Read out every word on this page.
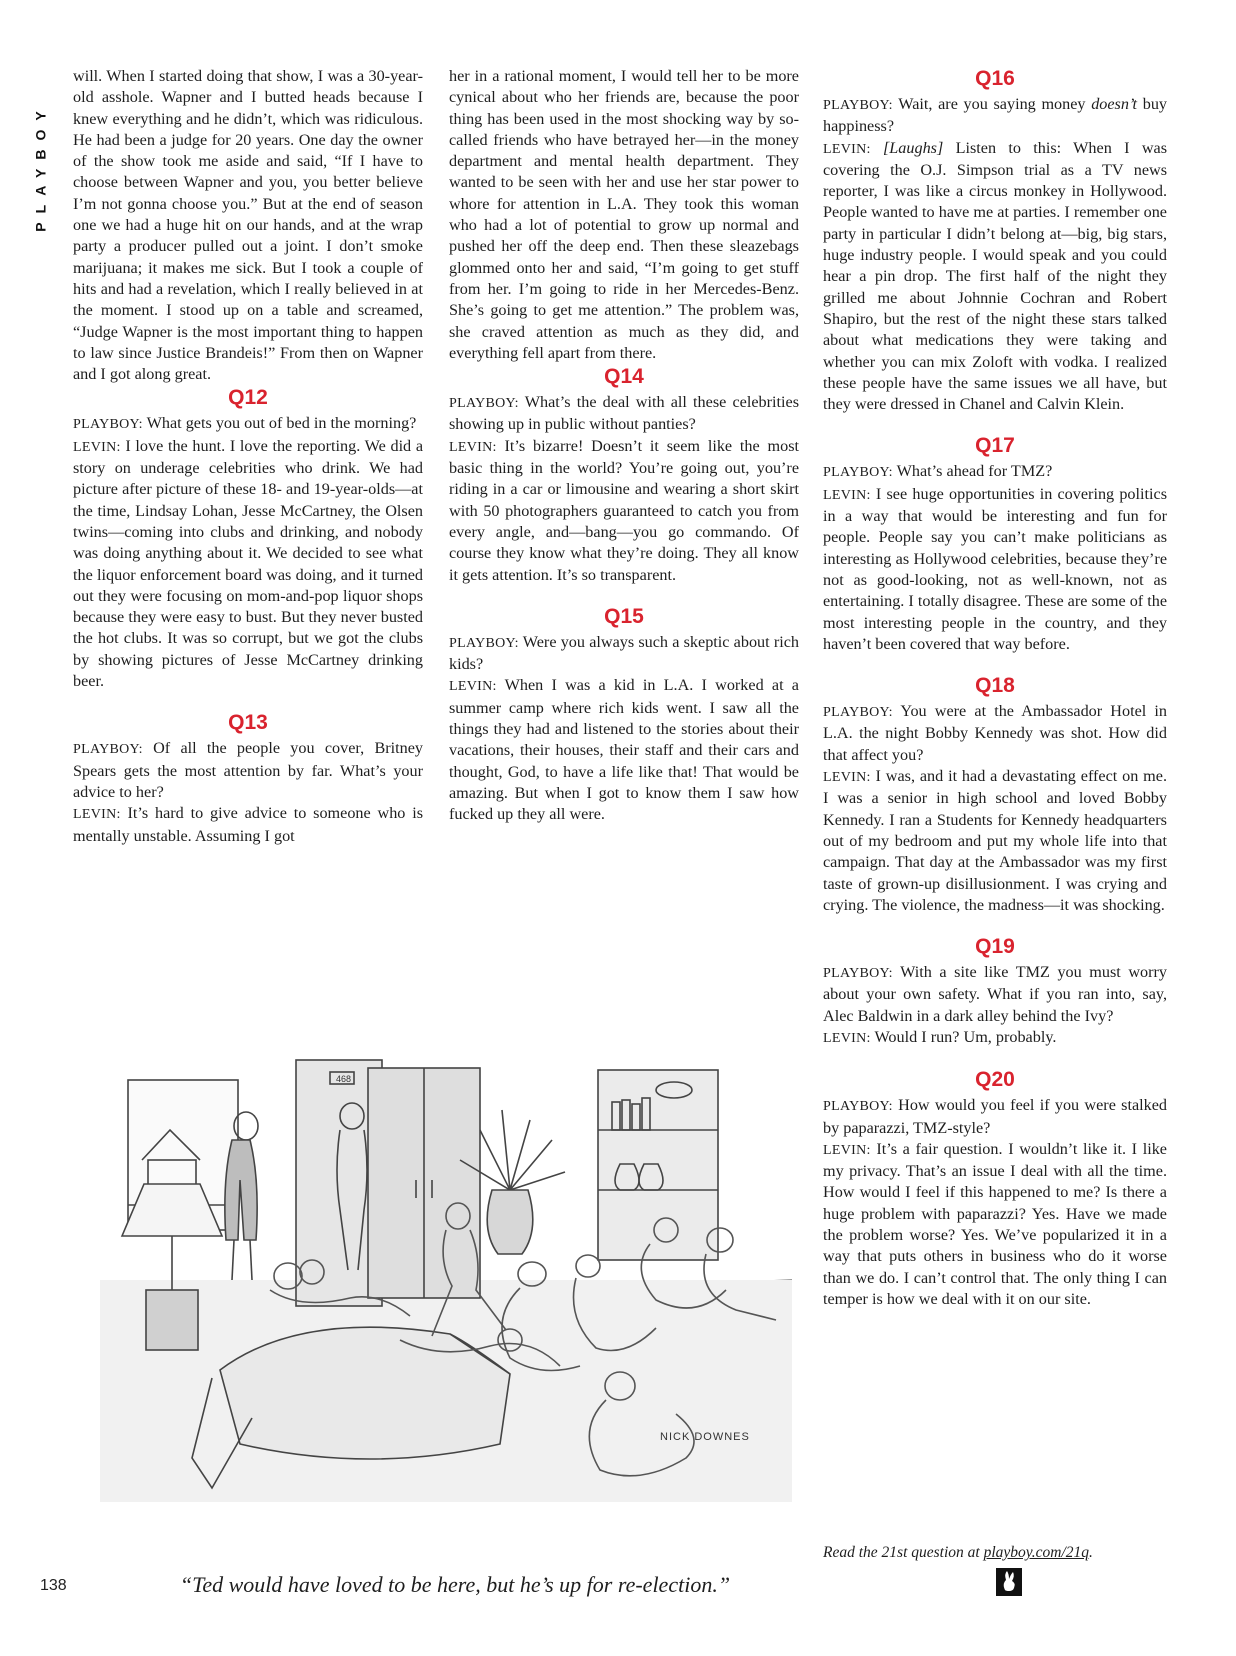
PLAYBOY

will. When I started doing that show, I was a 30-year-old asshole. Wapner and I butted heads because I knew everything and he didn’t, which was ridiculous. He had been a judge for 20 years. One day the owner of the show took me aside and said, “If I have to choose between Wapner and you, you better believe I’m not gonna choose you.” But at the end of season one we had a huge hit on our hands, and at the wrap party a producer pulled out a joint. I don’t smoke marijuana; it makes me sick. But I took a couple of hits and had a revelation, which I really believed in at the moment. I stood up on a table and screamed, “Judge Wapner is the most important thing to happen to law since Justice Brandeis!” From then on Wapner and I got along great.

Q12

PLAYBOY: What gets you out of bed in the morning?

LEVIN: I love the hunt. I love the reporting. We did a story on underage celebrities who drink. We had picture after picture of these 18- and 19-year-olds—at the time, Lindsay Lohan, Jesse McCartney, the Olsen twins—coming into clubs and drinking, and nobody was doing anything about it. We decided to see what the liquor enforcement board was doing, and it turned out they were focusing on mom-and-pop liquor shops because they were easy to bust. But they never busted the hot clubs. It was so corrupt, but we got the clubs by showing pictures of Jesse McCartney drinking beer.

Q13

PLAYBOY: Of all the people you cover, Britney Spears gets the most attention by far. What’s your advice to her?

LEVIN: It’s hard to give advice to someone who is mentally unstable. Assuming I got

her in a rational moment, I would tell her to be more cynical about who her friends are, because the poor thing has been used in the most shocking way by so-called friends who have betrayed her—in the money department and mental health department. They wanted to be seen with her and use her star power to whore for attention in L.A. They took this woman who had a lot of potential to grow up normal and pushed her off the deep end. Then these sleazebags glommed onto her and said, “I’m going to get stuff from her. I’m going to ride in her Mercedes-Benz. She’s going to get me attention.” The problem was, she craved attention as much as they did, and everything fell apart from there.

Q14

PLAYBOY: What’s the deal with all these celebrities showing up in public without panties?

LEVIN: It’s bizarre! Doesn’t it seem like the most basic thing in the world? You’re going out, you’re riding in a car or limousine and wearing a short skirt with 50 photographers guaranteed to catch you from every angle, and—bang—you go commando. Of course they know what they’re doing. They all know it gets attention. It’s so transparent.

Q15

PLAYBOY: Were you always such a skeptic about rich kids?

LEVIN: When I was a kid in L.A. I worked at a summer camp where rich kids went. I saw all the things they had and listened to the stories about their vacations, their houses, their staff and their cars and thought, God, to have a life like that! That would be amazing. But when I got to know them I saw how fucked up they all were.

Q16

PLAYBOY: Wait, are you saying money doesn’t buy happiness?

LEVIN: [Laughs] Listen to this: When I was covering the O.J. Simpson trial as a TV news reporter, I was like a circus monkey in Hollywood. People wanted to have me at parties. I remember one party in particular I didn’t belong at—big, big stars, huge industry people. I would speak and you could hear a pin drop. The first half of the night they grilled me about Johnnie Cochran and Robert Shapiro, but the rest of the night these stars talked about what medications they were taking and whether you can mix Zoloft with vodka. I realized these people have the same issues we all have, but they were dressed in Chanel and Calvin Klein.

Q17

PLAYBOY: What’s ahead for TMZ?

LEVIN: I see huge opportunities in covering politics in a way that would be interesting and fun for people. People say you can’t make politicians as interesting as Hollywood celebrities, because they’re not as good-looking, not as well-known, not as entertaining. I totally disagree. These are some of the most interesting people in the country, and they haven’t been covered that way before.

Q18

PLAYBOY: You were at the Ambassador Hotel in L.A. the night Bobby Kennedy was shot. How did that affect you?

LEVIN: I was, and it had a devastating effect on me. I was a senior in high school and loved Bobby Kennedy. I ran a Students for Kennedy headquarters out of my bedroom and put my whole life into that campaign. That day at the Ambassador was my first taste of grown-up disillusionment. I was crying and crying. The violence, the madness—it was shocking.

Q19

PLAYBOY: With a site like TMZ you must worry about your own safety. What if you ran into, say, Alec Baldwin in a dark alley behind the Ivy?

LEVIN: Would I run? Um, probably.

Q20

PLAYBOY: How would you feel if you were stalked by paparazzi, TMZ-style?

LEVIN: It’s a fair question. I wouldn’t like it. I like my privacy. That’s an issue I deal with all the time. How would I feel if this happened to me? Is there a huge problem with paparazzi? Yes. Have we made the problem worse? Yes. We’ve popularized it in a way that puts others in business who do it worse than we do. I can’t control that. The only thing I can temper is how we deal with it on our site.

468
NICK DOWNES
“Ted would have loved to be here, but he’s up for re-election.”
138
Read the 21st question at playboy.com/21q.
